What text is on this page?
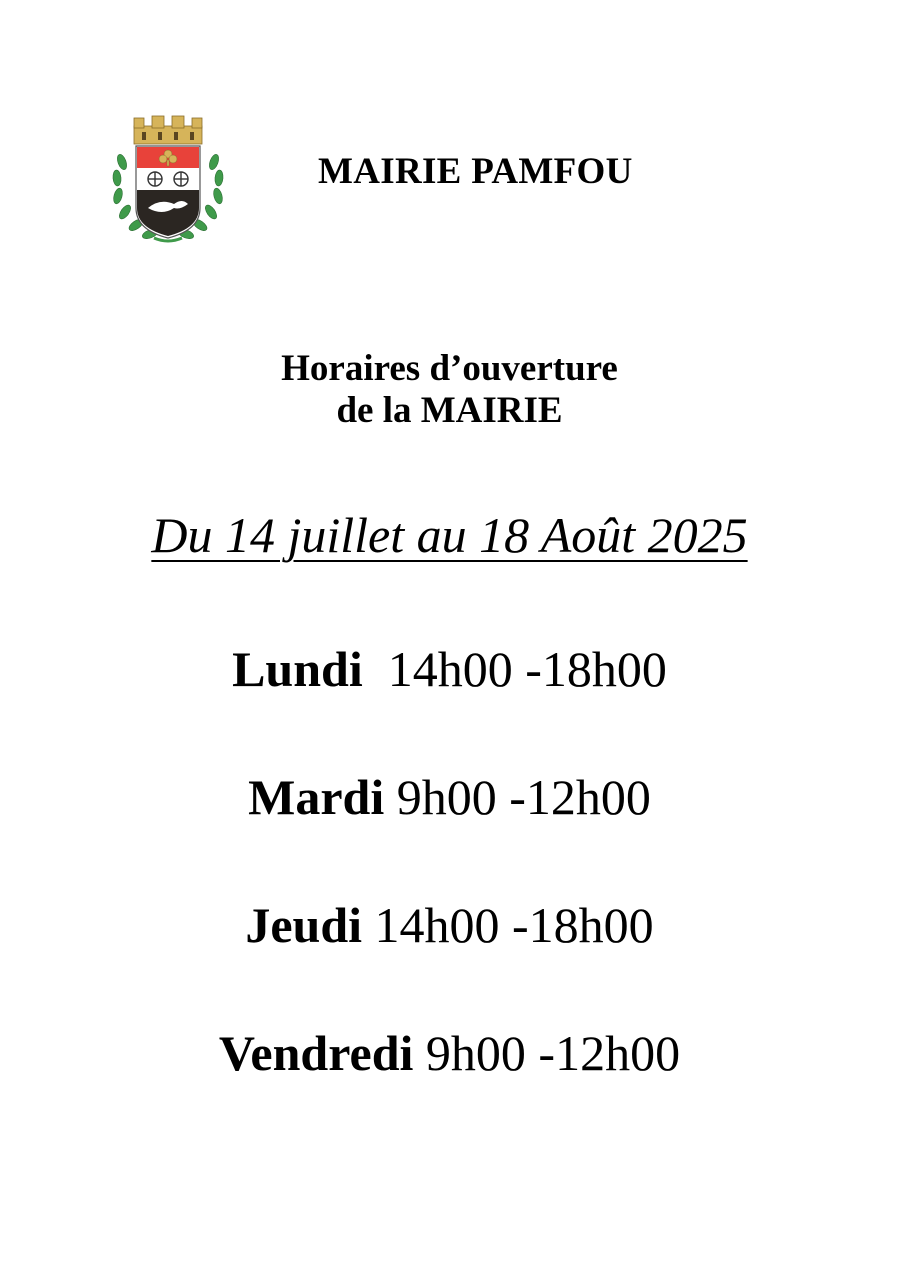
MAIRIE PAMFOU
Horaires d’ouverture
de la MAIRIE
Du 14 juillet au 18 Août 2025
Lundi 14h00 -18h00
Mardi 9h00 -12h00
Jeudi 14h00 -18h00
Vendredi 9h00 -12h00
